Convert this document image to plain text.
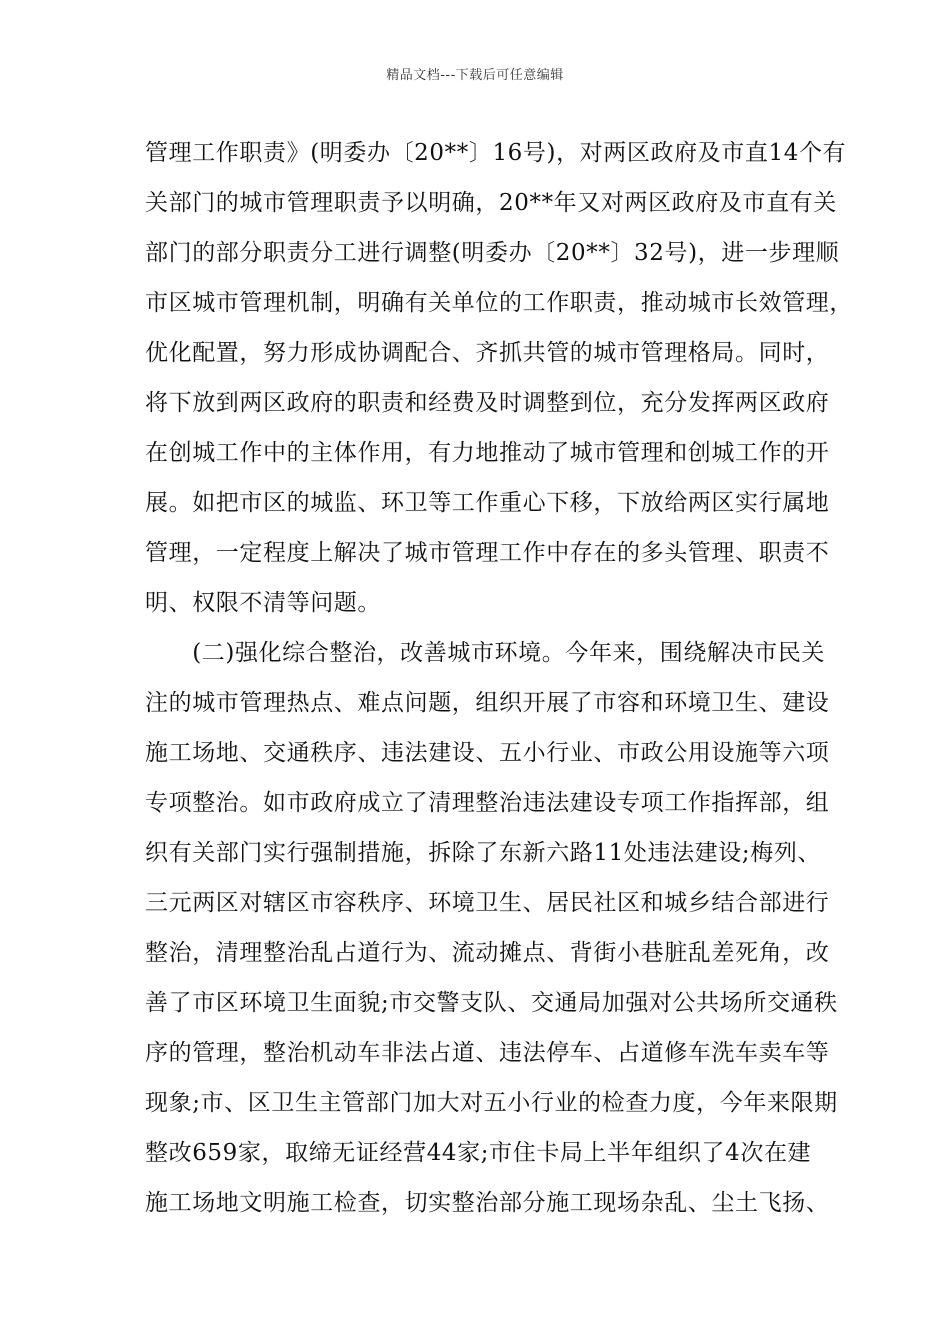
精品文档---下载后可任意编辑
管理工作职责》(明委办〔20**〕16号)，对两区政府及市直14个有
关部门的城市管理职责予以明确，20**年又对两区政府及市直有关
部门的部分职责分工进行调整(明委办〔20**〕32号)，进一步理顺
市区城市管理机制，明确有关单位的工作职责，推动城市长效管理，
优化配置，努力形成协调配合、齐抓共管的城市管理格局。同时，
将下放到两区政府的职责和经费及时调整到位，充分发挥两区政府
在创城工作中的主体作用，有力地推动了城市管理和创城工作的开
展。如把市区的城监、环卫等工作重心下移，下放给两区实行属地
管理，一定程度上解决了城市管理工作中存在的多头管理、职责不
明、权限不清等问题。
　　(二)强化综合整治，改善城市环境。今年来，围绕解决市民关
注的城市管理热点、难点问题，组织开展了市容和环境卫生、建设
施工场地、交通秩序、违法建设、五小行业、市政公用设施等六项
专项整治。如市政府成立了清理整治违法建设专项工作指挥部，组
织有关部门实行强制措施，拆除了东新六路11处违法建设;梅列、
三元两区对辖区市容秩序、环境卫生、居民社区和城乡结合部进行
整治，清理整治乱占道行为、流动摊点、背街小巷脏乱差死角，改
善了市区环境卫生面貌;市交警支队、交通局加强对公共场所交通秩
序的管理，整治机动车非法占道、违法停车、占道修车洗车卖车等
现象;市、区卫生主管部门加大对五小行业的检查力度，今年来限期
整改659家，取缔无证经营44家;市住卡局上半年组织了4次在建
施工场地文明施工检查，切实整治部分施工现场杂乱、尘土飞扬、
